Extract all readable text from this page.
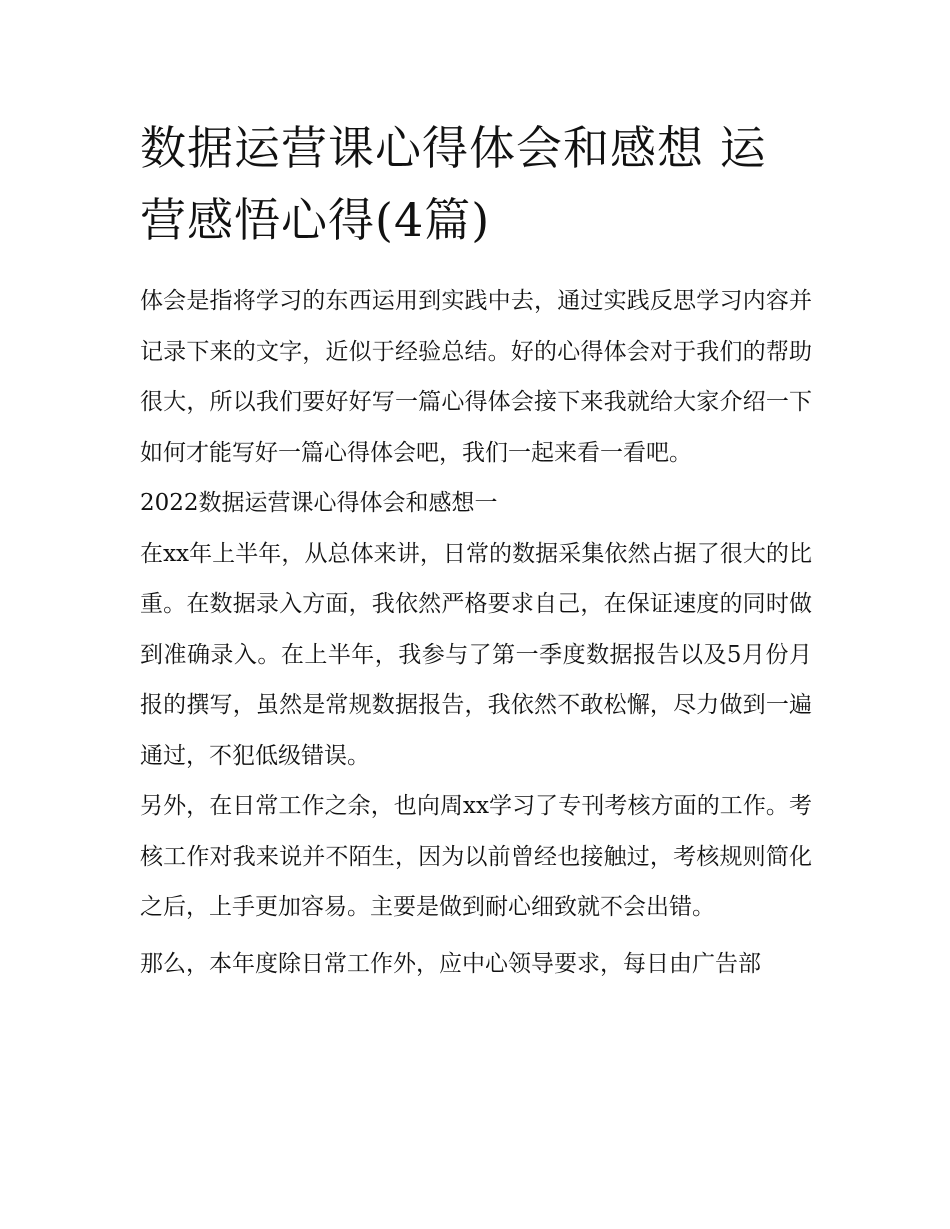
数据运营课心得体会和感想 运营感悟心得(4篇)

体会是指将学习的东西运用到实践中去，通过实践反思学习内容并记录下来的文字，近似于经验总结。好的心得体会对于我们的帮助很大，所以我们要好好写一篇心得体会接下来我就给大家介绍一下如何才能写好一篇心得体会吧，我们一起来看一看吧。

2022数据运营课心得体会和感想一

在xx年上半年，从总体来讲，日常的数据采集依然占据了很大的比重。在数据录入方面，我依然严格要求自己，在保证速度的同时做到准确录入。在上半年，我参与了第一季度数据报告以及5月份月报的撰写，虽然是常规数据报告，我依然不敢松懈，尽力做到一遍通过，不犯低级错误。

另外，在日常工作之余，也向周xx学习了专刊考核方面的工作。考核工作对我来说并不陌生，因为以前曾经也接触过，考核规则简化之后，上手更加容易。主要是做到耐心细致就不会出错。

那么，本年度除日常工作外，应中心领导要求，每日由广告部
